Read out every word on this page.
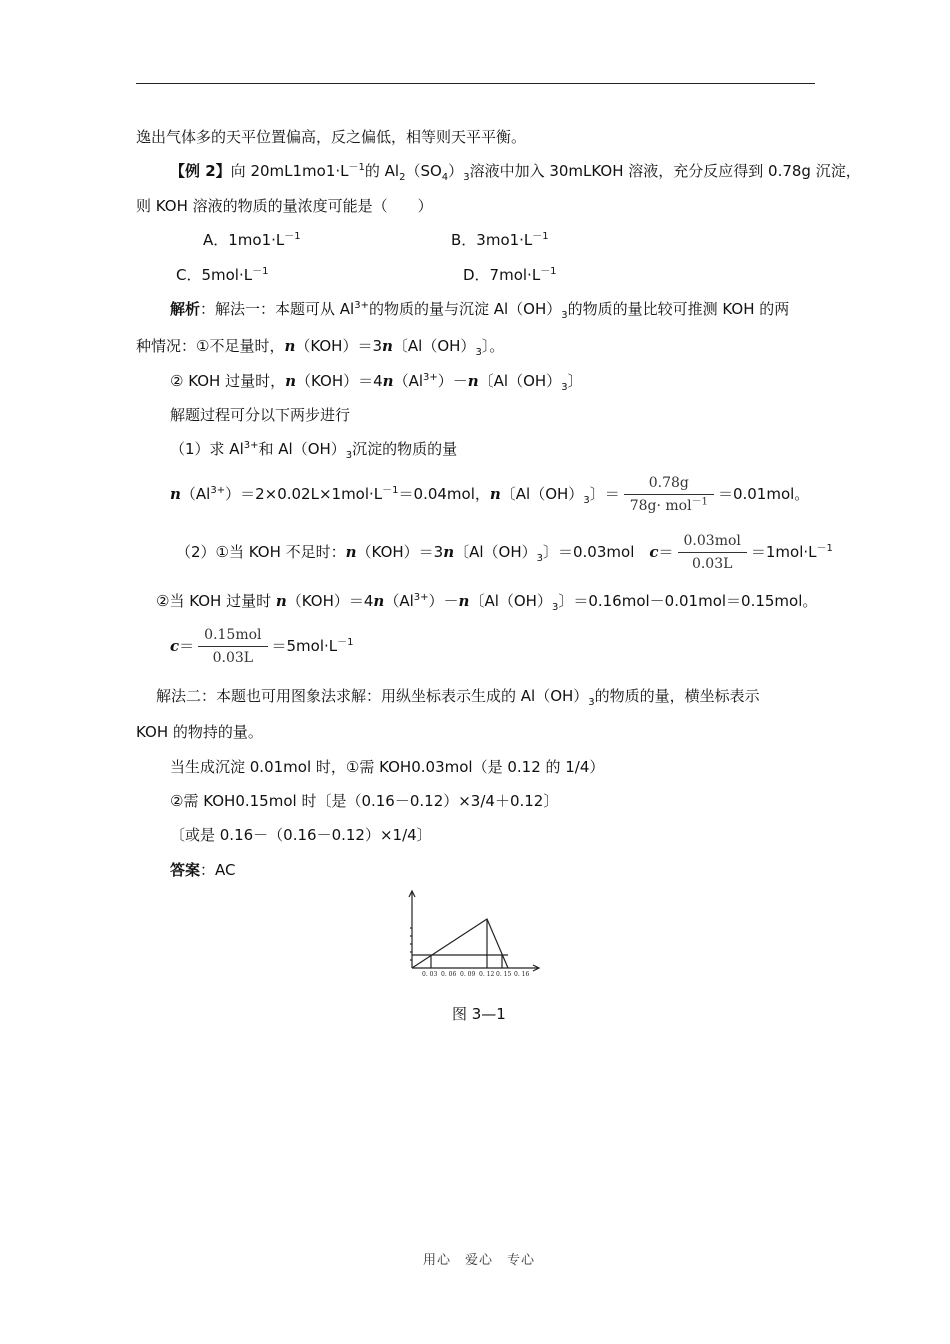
逸出气体多的天平位置偏高，反之偏低，相等则天平平衡。
【例 2】向 $20mL1mo1\cdot L^{-1}$的 $Al_2(SO_4)_3$溶液中加入 30mLKOH 溶液，充分反应得到 0.78g 沉淀，
则 KOH 溶液的物质的量浓度可能是（　　）
A．$1mo1\cdot L^{-1}$	B．$3mo1\cdot L^{-1}$
C．$5mol\cdot L^{-1}$	D．$7mol\cdot L^{-1}$
解析：解法一：本题可从 $Al^{3+}$的物质的量与沉淀 $Al(OH)_3$的物质的量比较可推测 KOH 的两
种情况：①不足量时，n（KOH）＝3n〔$Al(OH)_3$〕。
② KOH 过量时，$n(KOH)=4n(Al^{3+})-n$〔$Al(OH)_3$〕
解题过程可分以下两步进行
（1）求 $Al^{3+}$和 $Al(OH)_3$沉淀的物质的量
$n(Al^{3+})=2\times 0.02L\times 1mol\cdot L^{-1}=0.04mol$，n〔$Al(OH)_3$〕＝ $\frac{0.78g}{78g\cdot mol^{-1}} =0.01mol$。
（2）①当 KOH 不足时：n（KOH）＝3n〔$Al(OH)_3$〕＝0.03mol　$c= \frac{\text{0.03mol}}{0.03L} =1mol\cdot L^{-1}$
②当 KOH 过量时 $n(KOH)=4n(Al^{3+})-n$〔$Al(OH)_3$〕＝0.16mol－0.01mol＝0.15mol。
$c= \frac{\text{0.15mol}}{0.03L} =5mol\cdot L^{-1}$
解法二：本题也可用图象法求解：用纵坐标表示生成的 $Al(OH)_3$的物质的量，横坐标表示
KOH 的物持的量。
当生成沉淀 0.01mol 时，①需 KOH0.03mol（是 0.12 的 1/4）
②需 KOH0.15mol 时〔是（0.16－0.12）×3/4＋0.12〕
〔或是 0.16－（0.16－0.12）×1/4〕
答案：AC
0. 03 0. 06 0. 09 0. 12 0. 15 0. 16
图 3—1
用心　爱心　专心
